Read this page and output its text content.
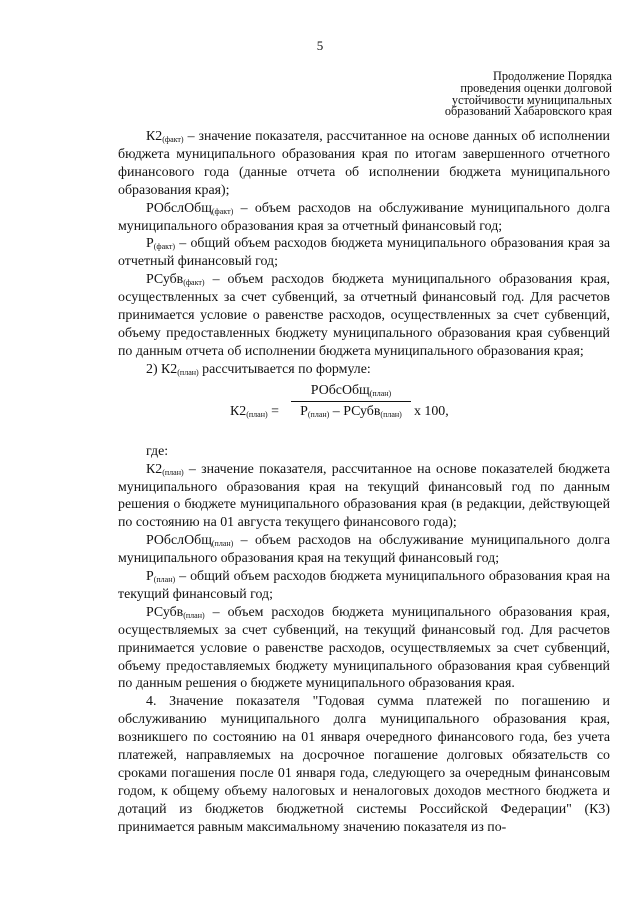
5
Продолжение Порядка
проведения оценки долговой
устойчивости муниципальных
образований Хабаровского края

$К2_{(факт)}$ – значение показателя, рассчитанное на основе данных об исполнении бюджета муниципального образования края по итогам завершенного отчетного финансового года (данные отчета об исполнении бюджета муниципального образования края);

РОбслОбщ$_{(факт)}$ – объем расходов на обслуживание муниципального долга муниципального образования края за отчетный финансовый год;

$Р_{(факт)}$ – общий объем расходов бюджета муниципального образования края за отчетный финансовый год;

РСубв$_{(факт)}$ – объем расходов бюджета муниципального образования края, осуществленных за счет субвенций, за отчетный финансовый год. Для расчетов принимается условие о равенстве расходов, осуществленных за счет субвенций, объему предоставленных бюджету муниципального образования края субвенций по данным отчета об исполнении бюджета муниципального образования края;

2) $К2_{(план)}$ рассчитывается по формуле:

$К2_{(план)}$ =
РОбсОбщ$_{(план)}$
$Р_{(план)}$ – РСубв$_{(план)}$ x 100,

где:

$К2_{(план)}$ – значение показателя, рассчитанное на основе показателей бюджета муниципального образования края на текущий финансовый год по данным решения о бюджете муниципального образования края (в редакции, действующей по состоянию на 01 августа текущего финансового года);

РОбслОбщ$_{(план)}$ – объем расходов на обслуживание муниципального долга муниципального образования края на текущий финансовый год;

$Р_{(план)}$ – общий объем расходов бюджета муниципального образования края на текущий финансовый год;

РСубв$_{(план)}$ – объем расходов бюджета муниципального образования края, осуществляемых за счет субвенций, на текущий финансовый год. Для расчетов принимается условие о равенстве расходов, осуществляемых за счет субвенций, объему предоставляемых бюджету муниципального образования края субвенций по данным решения о бюджете муниципального образования края.

4. Значение показателя "Годовая сумма платежей по погашению и обслуживанию муниципального долга муниципального образования края, возникшего по состоянию на 01 января очередного финансового года, без учета платежей, направляемых на досрочное погашение долговых обязательств со сроками погашения после 01 января года, следующего за очередным финансовым годом, к общему объему налоговых и неналоговых доходов местного бюджета и дотаций из бюджетов бюджетной системы Российской Федерации" (К3) принимается равным максимальному значению показателя из по-
